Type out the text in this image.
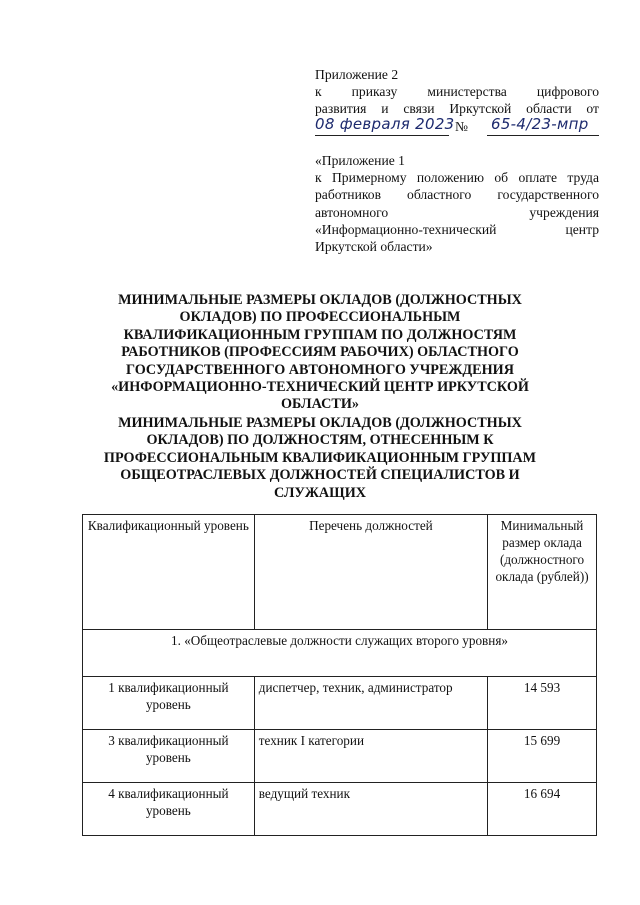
Приложение 2
к приказу министерства цифрового
развития и связи Иркутской области от
08 февраля 2023 № 65-4/23-мпр
«Приложение 1
к Примерному положению об оплате труда
работников областного государственного
автономного учреждения
«Информационно-технический центр
Иркутской области»
МИНИМАЛЬНЫЕ РАЗМЕРЫ ОКЛАДОВ (ДОЛЖНОСТНЫХ ОКЛАДОВ) ПО ПРОФЕССИОНАЛЬНЫМ КВАЛИФИКАЦИОННЫМ ГРУППАМ ПО ДОЛЖНОСТЯМ РАБОТНИКОВ (ПРОФЕССИЯМ РАБОЧИХ) ОБЛАСТНОГО ГОСУДАРСТВЕННОГО АВТОНОМНОГО УЧРЕЖДЕНИЯ «ИНФОРМАЦИОННО-ТЕХНИЧЕСКИЙ ЦЕНТР ИРКУТСКОЙ ОБЛАСТИ»
МИНИМАЛЬНЫЕ РАЗМЕРЫ ОКЛАДОВ (ДОЛЖНОСТНЫХ ОКЛАДОВ) ПО ДОЛЖНОСТЯМ, ОТНЕСЕННЫМ К ПРОФЕССИОНАЛЬНЫМ КВАЛИФИКАЦИОННЫМ ГРУППАМ ОБЩЕОТРАСЛЕВЫХ ДОЛЖНОСТЕЙ СПЕЦИАЛИСТОВ И СЛУЖАЩИХ
Квалификационный уровень	Перечень должностей	Минимальный размер оклада (должностного оклада (рублей))
1. «Общеотраслевые должности служащих второго уровня»		
1 квалификационный уровень	диспетчер, техник, администратор	14 593
3 квалификационный уровень	техник I категории	15 699
4 квалификационный уровень	ведущий техник	16 694
